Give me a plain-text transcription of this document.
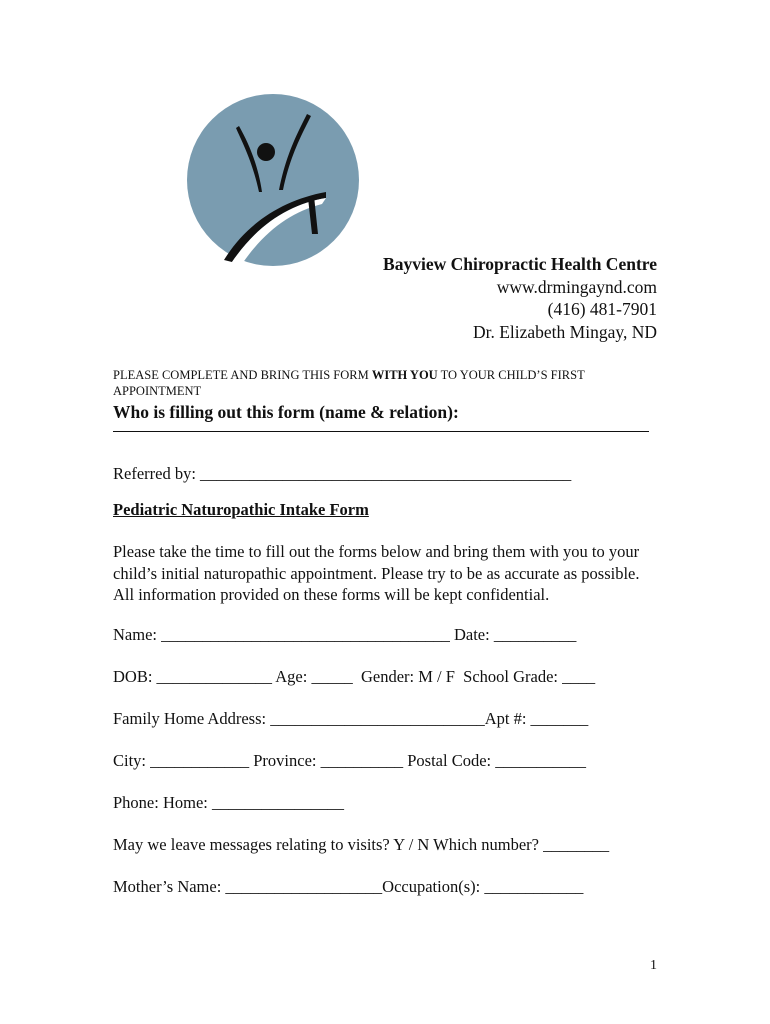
Bayview Chiropractic Health Centre
www.drmingaynd.com
(416) 481-7901
Dr. Elizabeth Mingay, ND
PLEASE COMPLETE AND BRING THIS FORM WITH YOU TO YOUR CHILD’S FIRST APPOINTMENT
Who is filling out this form (name & relation):
Referred by: _____________________________________________
Pediatric Naturopathic Intake Form
Please take the time to fill out the forms below and bring them with you to your child’s initial naturopathic appointment. Please try to be as accurate as possible. All information provided on these forms will be kept confidential.
Name: ___________________________________ Date: __________
DOB: ______________ Age: _____  Gender: M / F  School Grade: ____
Family Home Address: __________________________Apt #: _______
City: ____________ Province: __________ Postal Code: ___________
Phone: Home: ________________
May we leave messages relating to visits? Y / N Which number? ________
Mother’s Name: ___________________Occupation(s): ____________
1
